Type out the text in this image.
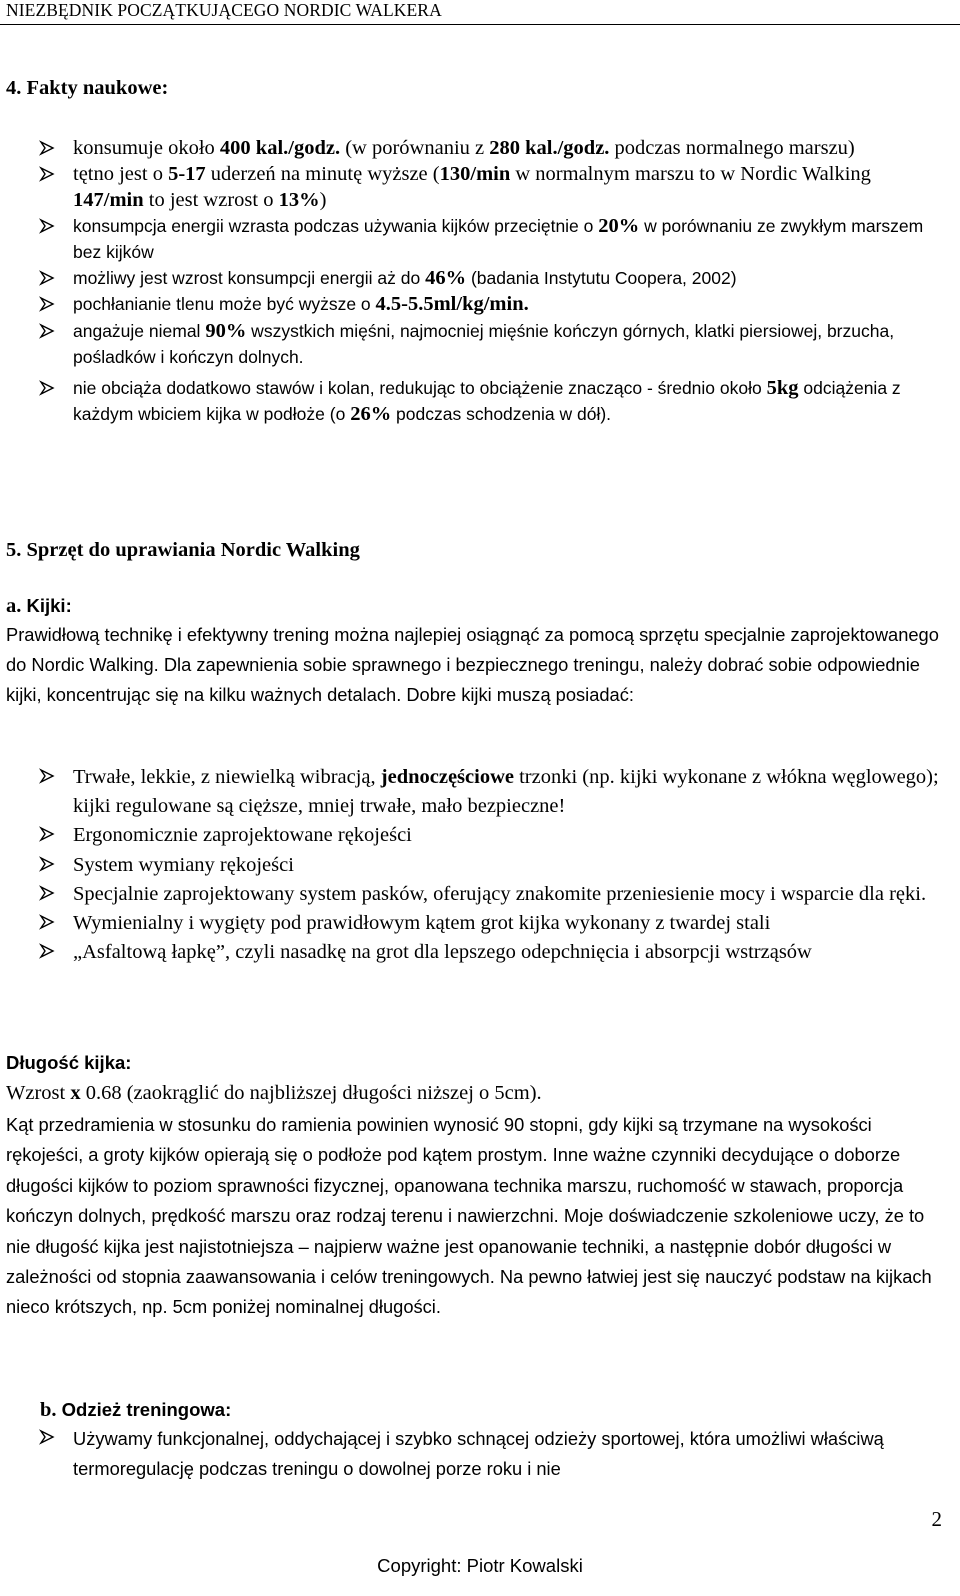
NIEZBĘDNIK POCZĄTKUJĄCEGO NORDIC WALKERA
4. Fakty naukowe:
konsumuje około 400 kal./godz. (w porównaniu z 280 kal./godz. podczas normalnego marszu)
tętno jest o 5-17 uderzeń na minutę wyższe (130/min w normalnym marszu to w Nordic Walking 147/min to jest wzrost o 13%)
konsumpcja energii wzrasta podczas używania kijków przeciętnie o 20% w porównaniu ze zwykłym marszem bez kijków
możliwy jest wzrost konsumpcji energii aż do 46% (badania Instytutu Coopera, 2002)
pochłanianie tlenu może być wyższe o 4.5-5.5ml/kg/min.
angażuje niemal 90% wszystkich mięśni, najmocniej mięśnie kończyn górnych, klatki piersiowej, brzucha, pośladków i kończyn dolnych.
nie obciąża dodatkowo stawów i kolan, redukując to obciążenie znacząco - średnio około 5kg odciążenia z każdym wbiciem kijka w podłoże (o 26% podczas schodzenia w dół).
5. Sprzęt do uprawiania Nordic Walking
a. Kijki:

Prawidłową technikę i efektywny trening można najlepiej osiągnąć za pomocą sprzętu specjalnie zaprojektowanego do Nordic Walking. Dla zapewnienia sobie sprawnego i bezpiecznego treningu, należy dobrać sobie odpowiednie kijki, koncentrując się na kilku ważnych detalach. Dobre kijki muszą posiadać:

Trwałe, lekkie, z niewielką wibracją, jednoczęściowe trzonki (np. kijki wykonane z włókna węglowego); kijki regulowane są cięższe, mniej trwałe, mało bezpieczne!
Ergonomicznie zaprojektowane rękojeści
System wymiany rękojeści
Specjalnie zaprojektowany system pasków, oferujący znakomite przeniesienie mocy i wsparcie dla ręki.
Wymienialny i wygięty pod prawidłowym kątem grot kijka wykonany z twardej stali
„Asfaltową łapkę”, czyli nasadkę na grot dla lepszego odepchnięcia i absorpcji wstrząsów
Długość kijka:
Wzrost x 0.68 (zaokrąglić do najbliższej długości niższej o 5cm).

Kąt przedramienia w stosunku do ramienia powinien wynosić 90 stopni, gdy kijki są trzymane na wysokości rękojeści, a groty kijków opierają się o podłoże pod kątem prostym. Inne ważne czynniki decydujące o doborze długości kijków to poziom sprawności fizycznej, opanowana technika marszu, ruchomość w stawach, proporcja kończyn dolnych, prędkość marszu oraz rodzaj terenu i nawierzchni. Moje doświadczenie szkoleniowe uczy, że to nie długość kijka jest najistotniejsza – najpierw ważne jest opanowanie techniki, a następnie dobór długości w zależności od stopnia zaawansowania i celów treningowych. Na pewno łatwiej jest się nauczyć podstaw na kijkach nieco krótszych, np. 5cm poniżej nominalnej długości.

b. Odzież treningowa:
Używamy funkcjonalnej, oddychającej i szybko schnącej odzieży sportowej, która umożliwi właściwą termoregulację podczas treningu o dowolnej porze roku i nie
2
Copyright: Piotr Kowalski
